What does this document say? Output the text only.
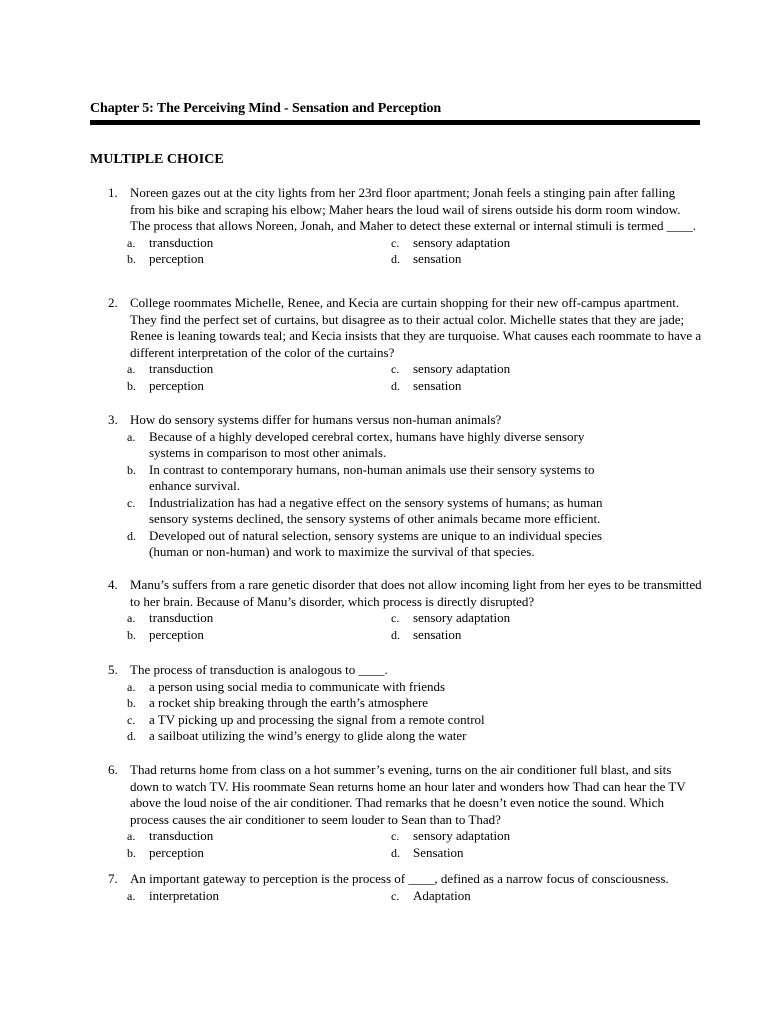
Chapter 5: The Perceiving Mind - Sensation and Perception
MULTIPLE CHOICE
1. Noreen gazes out at the city lights from her 23rd floor apartment; Jonah feels a stinging pain after falling from his bike and scraping his elbow; Maher hears the loud wail of sirens outside his dorm room window. The process that allows Noreen, Jonah, and Maher to detect these external or internal stimuli is termed ____.
a.	transduction	c.	sensory adaptation
b.	perception	d.	sensation
2. College roommates Michelle, Renee, and Kecia are curtain shopping for their new off-campus apartment. They find the perfect set of curtains, but disagree as to their actual color. Michelle states that they are jade; Renee is leaning towards teal; and Kecia insists that they are turquoise. What causes each roommate to have a different interpretation of the color of the curtains?
a.	transduction	c.	sensory adaptation
b.	perception	d.	sensation
3. How do sensory systems differ for humans versus non-human animals?
a.	Because of a highly developed cerebral cortex, humans have highly diverse sensory systems in comparison to most other animals.
b.	In contrast to contemporary humans, non-human animals use their sensory systems to enhance survival.
c.	Industrialization has had a negative effect on the sensory systems of humans; as human sensory systems declined, the sensory systems of other animals became more efficient.
d.	Developed out of natural selection, sensory systems are unique to an individual species (human or non-human) and work to maximize the survival of that species.
4. Manu’s suffers from a rare genetic disorder that does not allow incoming light from her eyes to be transmitted to her brain. Because of Manu’s disorder, which process is directly disrupted?
a.	transduction	c.	sensory adaptation
b.	perception	d.	sensation
5. The process of transduction is analogous to ____.
a.	a person using social media to communicate with friends
b.	a rocket ship breaking through the earth’s atmosphere
c.	a TV picking up and processing the signal from a remote control
d.	a sailboat utilizing the wind’s energy to glide along the water
6. Thad returns home from class on a hot summer’s evening, turns on the air conditioner full blast, and sits down to watch TV. His roommate Sean returns home an hour later and wonders how Thad can hear the TV above the loud noise of the air conditioner. Thad remarks that he doesn’t even notice the sound. Which process causes the air conditioner to seem louder to Sean than to Thad?
a.	transduction	c.	sensory adaptation
b.	perception	d.	Sensation
7. An important gateway to perception is the process of ____, defined as a narrow focus of consciousness.
a.	interpretation	c.	Adaptation
